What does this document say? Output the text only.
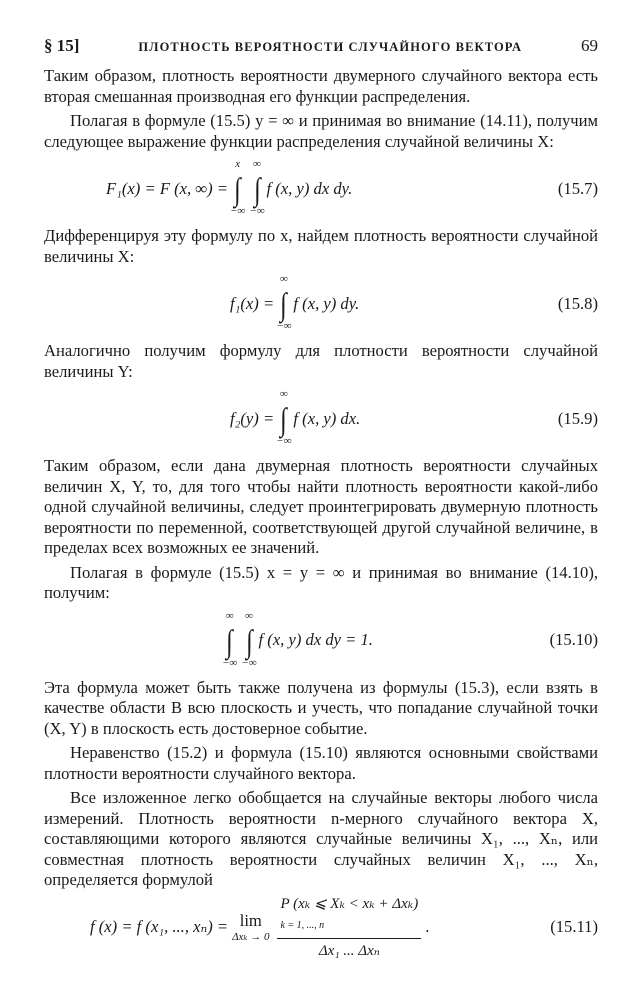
§ 15]	ПЛОТНОСТЬ ВЕРОЯТНОСТИ СЛУЧАЙНОГО ВЕКТОРА	69

Таким образом, плотность вероятности двумерного случайного вектора есть вторая смешанная производная его функции распределения.

Полагая в формуле (15.5) y = ∞ и принимая во внимание (14.11), получим следующее выражение функции распределения случайной величины X:

F₁(x) = F (x, ∞) =
x
∫
−∞
∞
∫
−∞
f (x, y) dx dy.	(15.7)

Дифференцируя эту формулу по x, найдем плотность вероятности случайной величины X:

f₁(x) =
∞
∫
−∞
f (x, y) dy.	(15.8)

Аналогично получим формулу для плотности вероятности случайной величины Y:

f₂(y) =
∞
∫
−∞
f (x, y) dx.	(15.9)

Таким образом, если дана двумерная плотность вероятности случайных величин X, Y, то, для того чтобы найти плотность вероятности какой-либо одной случайной величины, следует проинтегрировать двумерную плотность вероятности по переменной, соответствующей другой случайной величине, в пределах всех возможных ее значений.

Полагая в формуле (15.5) x = y = ∞ и принимая во внимание (14.10), получим:

∞
∫
−∞
∞
∫
−∞
f (x, y) dx dy = 1.	(15.10)

Эта формула может быть также получена из формулы (15.3), если взять в качестве области B всю плоскость и учесть, что попадание случайной точки (X, Y) в плоскость есть достоверное событие.

Неравенство (15.2) и формула (15.10) являются основными свойствами плотности вероятности случайного вектора.

Все изложенное легко обобщается на случайные векторы любого числа измерений. Плотность вероятности n-мерного случайного вектора X, составляющими которого являются случайные величины X₁, ..., Xₙ, или совместная плотность вероятности случайных величин X₁, ..., Xₙ, определяется формулой

f (x) = f (x₁, ..., xₙ) = lim
Δxₖ → 0
P (xₖ ⩽ Xₖ < xₖ + Δxₖ)
k = 1, ..., n
Δx₁ ... Δxₙ
.	(15.11)
